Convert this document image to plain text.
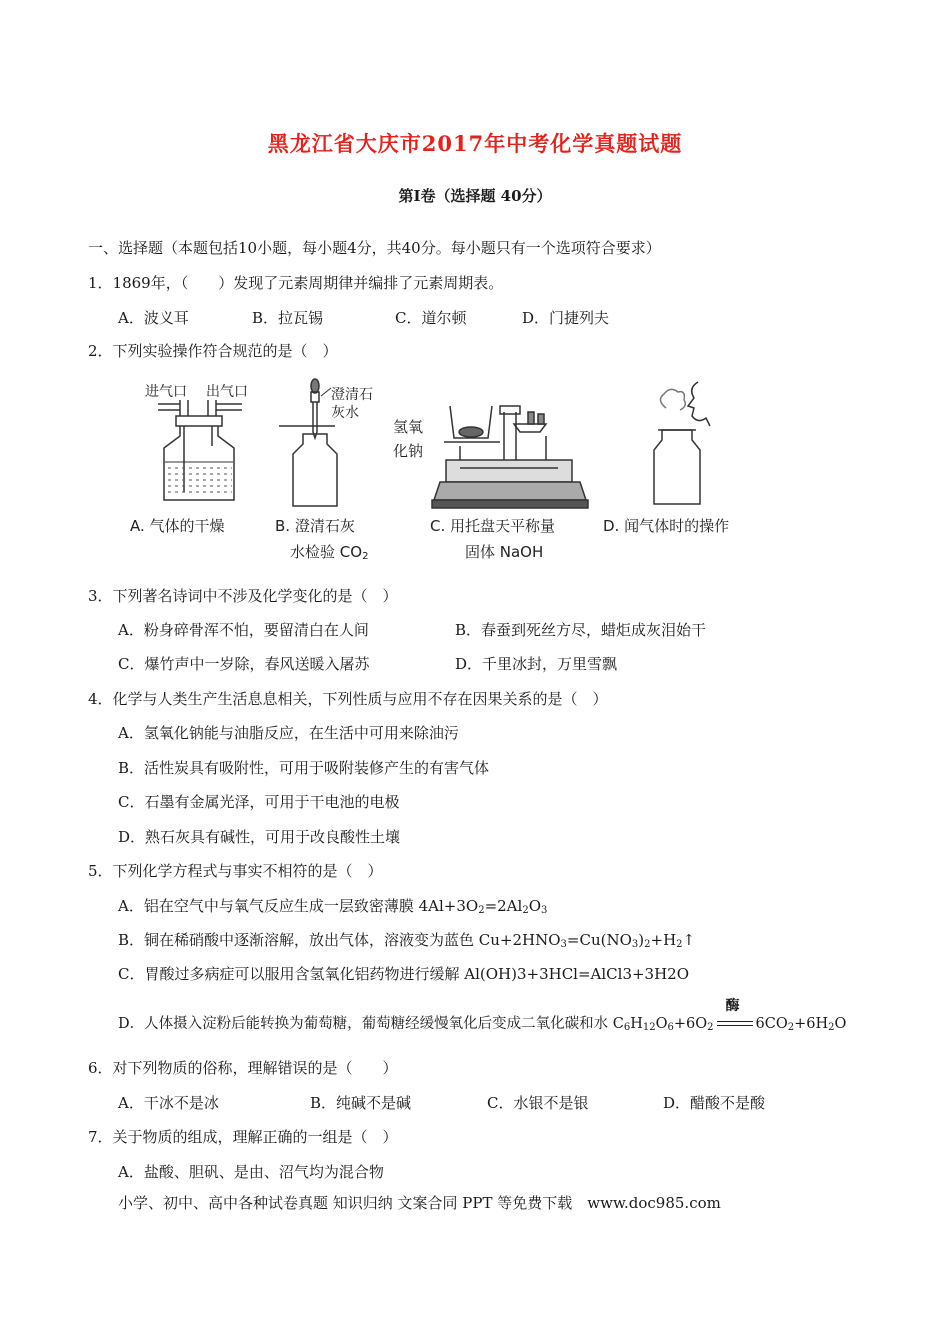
黑龙江省大庆市2017年中考化学真题试题
第Ⅰ卷（选择题 40分）
一、选择题（本题包括10小题，每小题4分，共40分。每小题只有一个选项符合要求）
1．1869年，（　　）发现了元素周期律并编排了元素周期表。
A．波义耳	B．拉瓦锡	C．道尔顿	D．门捷列夫
2．下列实验操作符合规范的是（　）
进气口 出气口
A. 气体的干燥
澄清石
灰水
B. 澄清石灰
水检验 $CO_2$
氢氧
化钠
C. 用托盘天平称量
固体 NaOH
D. 闻气体时的操作
3．下列著名诗词中不涉及化学变化的是（　）
A．粉身碎骨浑不怕，要留清白在人间	B．春蚕到死丝方尽，蜡炬成灰泪始干
C．爆竹声中一岁除，春风送暖入屠苏	D．千里冰封，万里雪飘
4．化学与人类生产生活息息相关，下列性质与应用不存在因果关系的是（　）
A．氢氧化钠能与油脂反应，在生活中可用来除油污
B．活性炭具有吸附性，可用于吸附装修产生的有害气体
C．石墨有金属光泽，可用于干电池的电极
D．熟石灰具有碱性，可用于改良酸性土壤
5．下列化学方程式与事实不相符的是（　）
A．铝在空气中与氧气反应生成一层致密薄膜 $4Al+3O_2=2Al_2O_3$
B．铜在稀硝酸中逐渐溶解，放出气体，溶液变为蓝色 $Cu+2HNO_3=Cu(NO_3)_2+H_2↑$
C．胃酸过多病症可以服用含氢氧化铝药物进行缓解 Al(OH)3+3HCl=AlCl3+3H2O
D．人体摄入淀粉后能转换为葡萄糖，葡萄糖经缓慢氧化后变成二氧化碳和水 $C_6H_{12}O_6+6O_2$
酶
$6CO_2+6H_2O$
6．对下列物质的俗称，理解错误的是（　　）
A．干冰不是冰	B．纯碱不是碱	C．水银不是银	D．醋酸不是酸
7．关于物质的组成，理解正确的一组是（　）
A．盐酸、胆矾、是由、沼气均为混合物
小学、初中、高中各种试卷真题 知识归纳 文案合同 PPT 等免费下载　www.doc985.com
